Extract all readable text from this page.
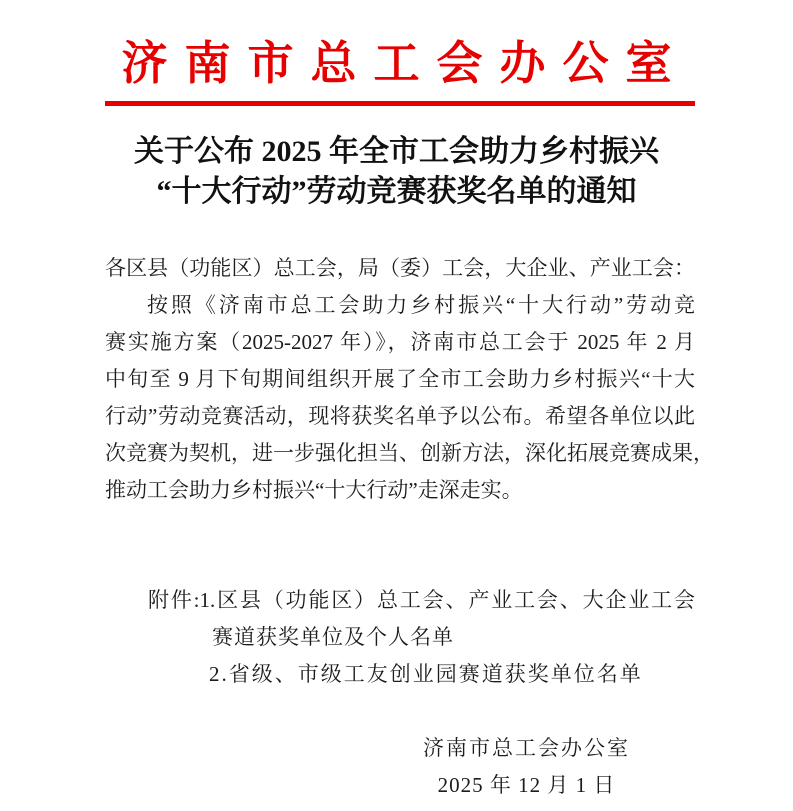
济南市总工会办公室
关于公布 2025 年全市工会助力乡村振兴
“十大行动”劳动竞赛获奖名单的通知
各区县（功能区）总工会，局（委）工会，大企业、产业工会：
按照《济南市总工会助力乡村振兴“十大行动”劳动竞
赛实施方案（2025-2027 年）》，济南市总工会于 2025 年 2 月
中旬至 9 月下旬期间组织开展了全市工会助力乡村振兴“十大
行动”劳动竞赛活动，现将获奖名单予以公布。希望各单位以此
次竞赛为契机，进一步强化担当、创新方法，深化拓展竞赛成果，
推动工会助力乡村振兴“十大行动”走深走实。
附件:1.区县（功能区）总工会、产业工会、大企业工会
赛道获奖单位及个人名单
2.省级、市级工友创业园赛道获奖单位名单
济南市总工会办公室
2025 年 12 月 1 日
